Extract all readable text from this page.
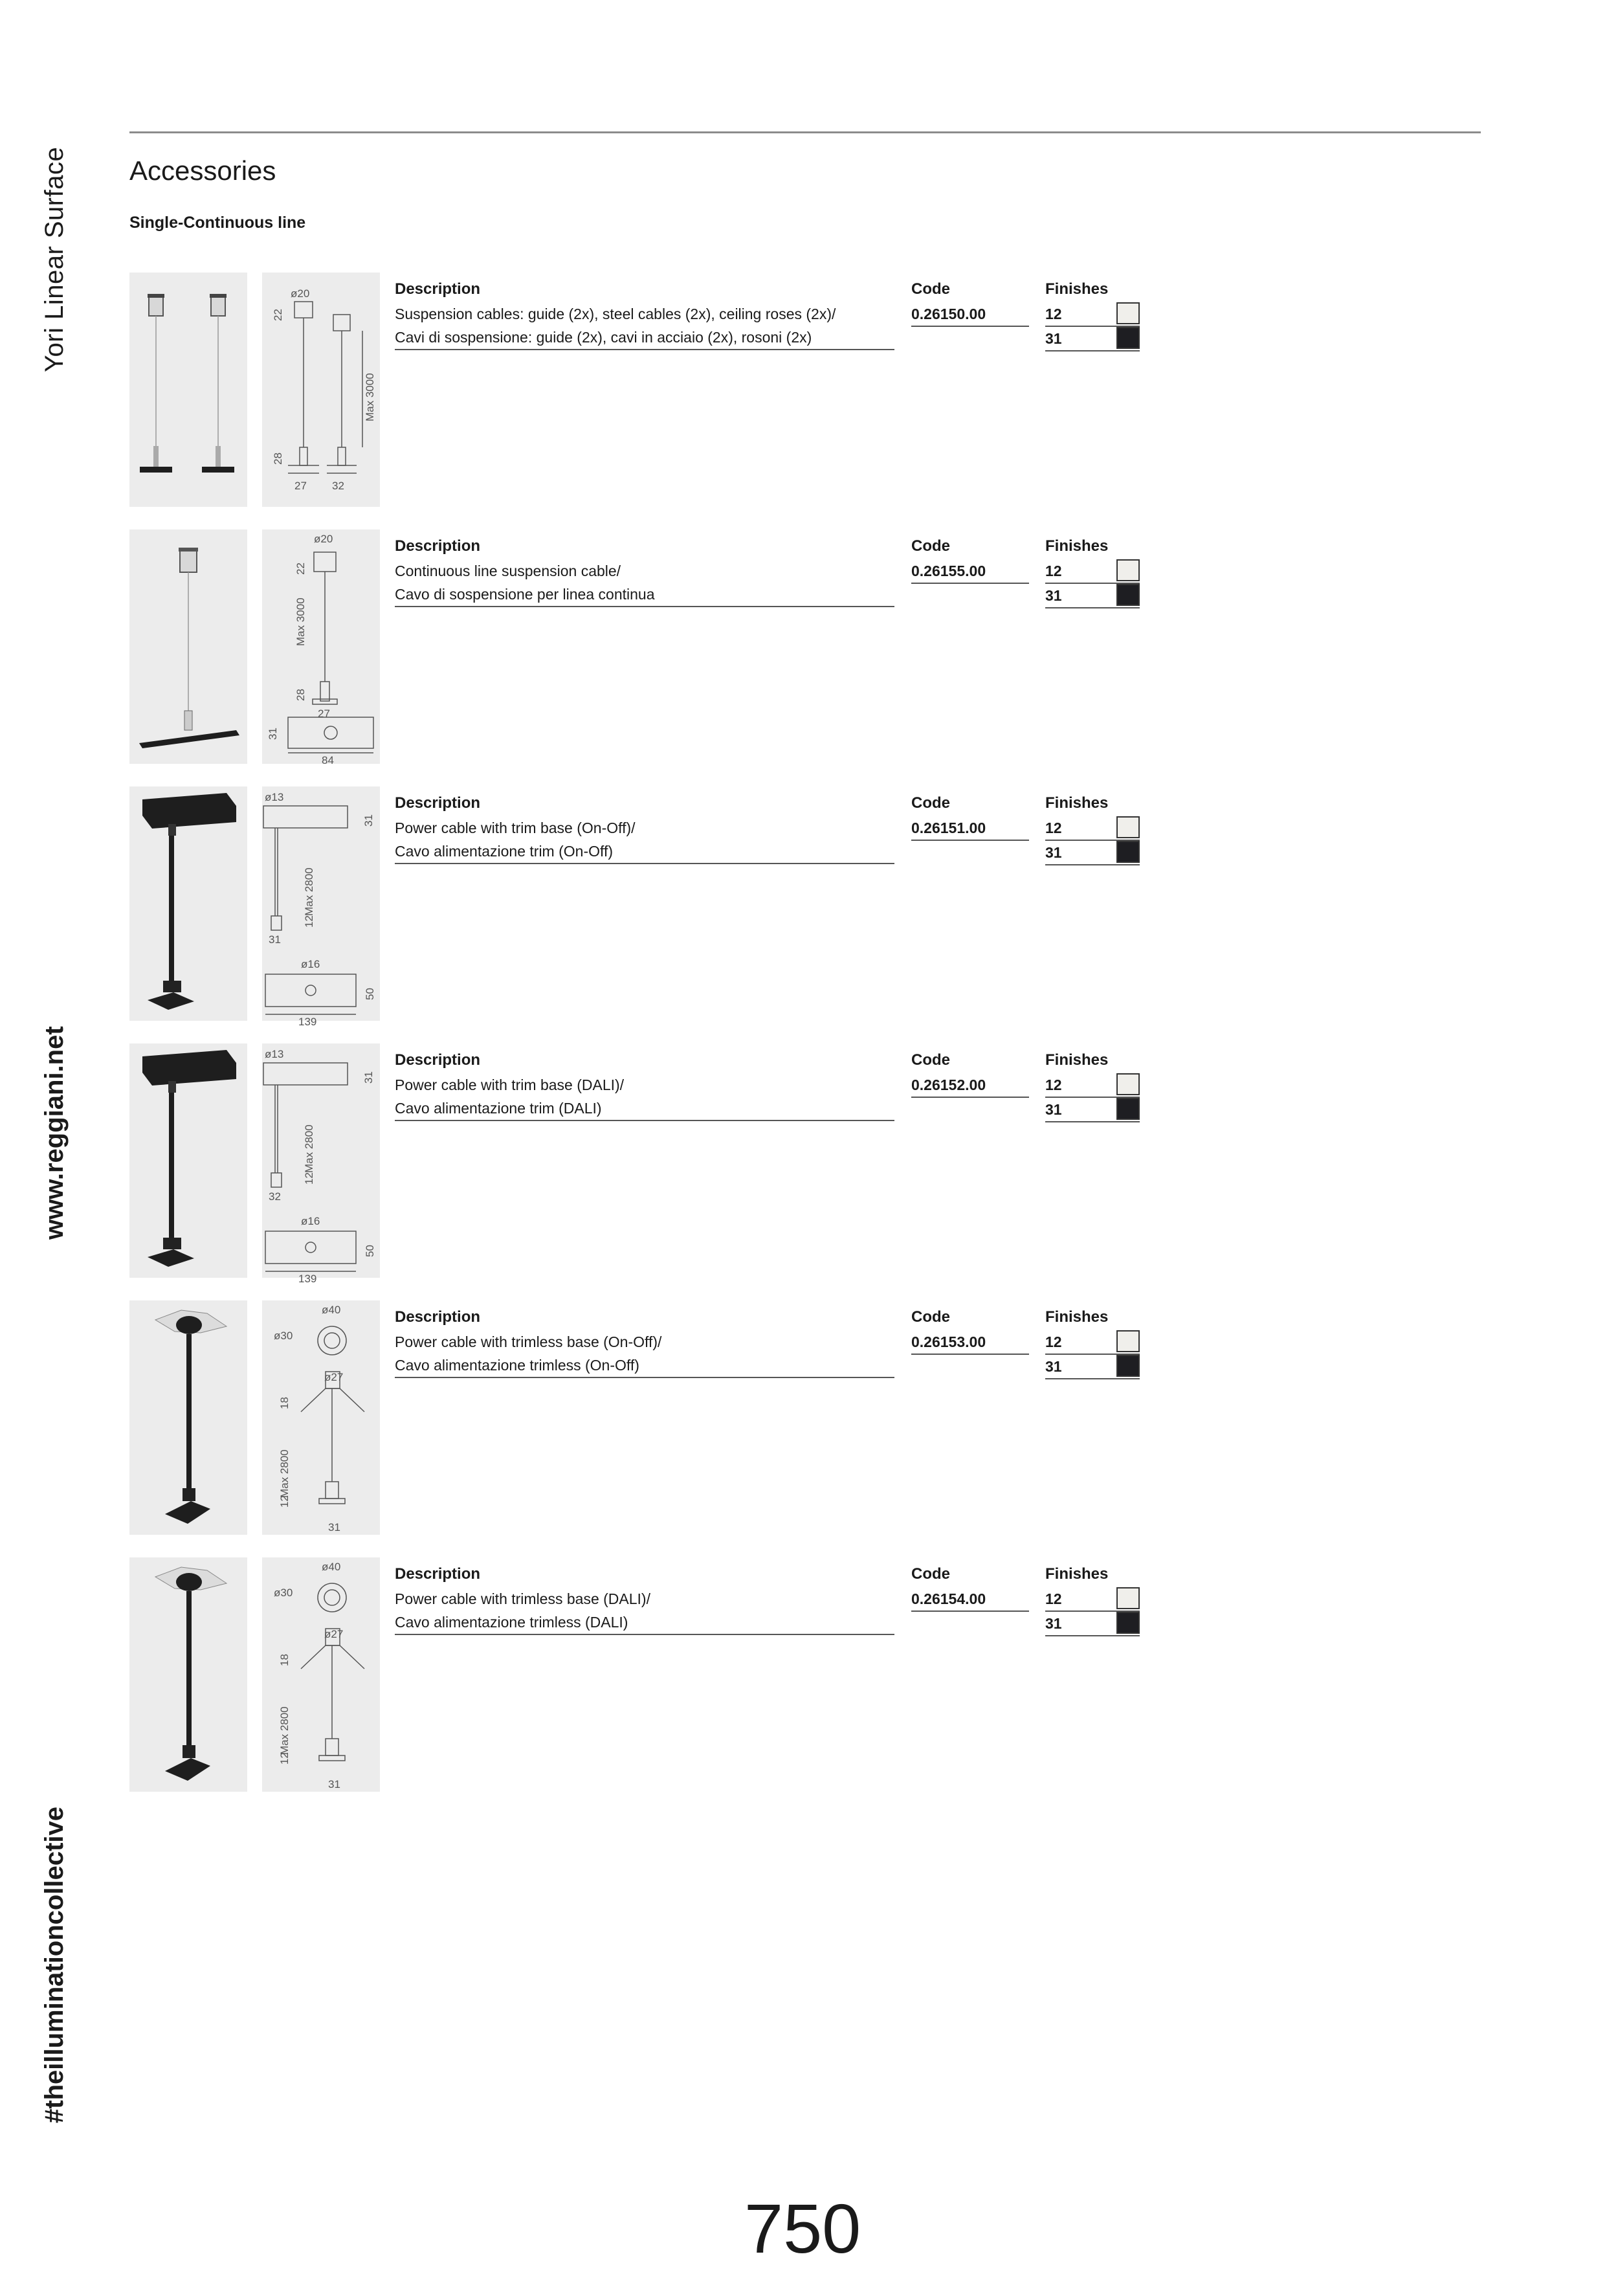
Yori Linear Surface
www.reggiani.net
#theilluminationcollective
Accessories
Single-Continuous line
ø20
22
Max 3000
28
27 32
Description
Suspension cables: guide (2x), steel cables (2x), ceiling roses (2x)/
Cavi di sospensione: guide (2x), cavi in acciaio (2x), rosoni (2x)
Code
0.26150.00
Finishes
12
31
ø20
22
Max 3000
28
27
31
84
Description
Continuous line suspension cable/
Cavo di sospensione per linea continua
Code
0.26155.00
Finishes
12
31
ø13
31
Max 2800
12
31
ø16
50
139
Description
Power cable with trim base (On-Off)/
Cavo alimentazione trim (On-Off)
Code
0.26151.00
Finishes
12
31
ø13
31
Max 2800
12
32
ø16
50
139
Description
Power cable with trim base (DALI)/
Cavo alimentazione trim (DALI)
Code
0.26152.00
Finishes
12
31
ø40
ø30
ø27
18
Max 2800
12
31
Description
Power cable with trimless base (On-Off)/
Cavo alimentazione trimless (On-Off)
Code
0.26153.00
Finishes
12
31
ø40
ø30
ø27
18
Max 2800
12
31
Description
Power cable with trimless base (DALI)/
Cavo alimentazione trimless (DALI)
Code
0.26154.00
Finishes
12
31
750
